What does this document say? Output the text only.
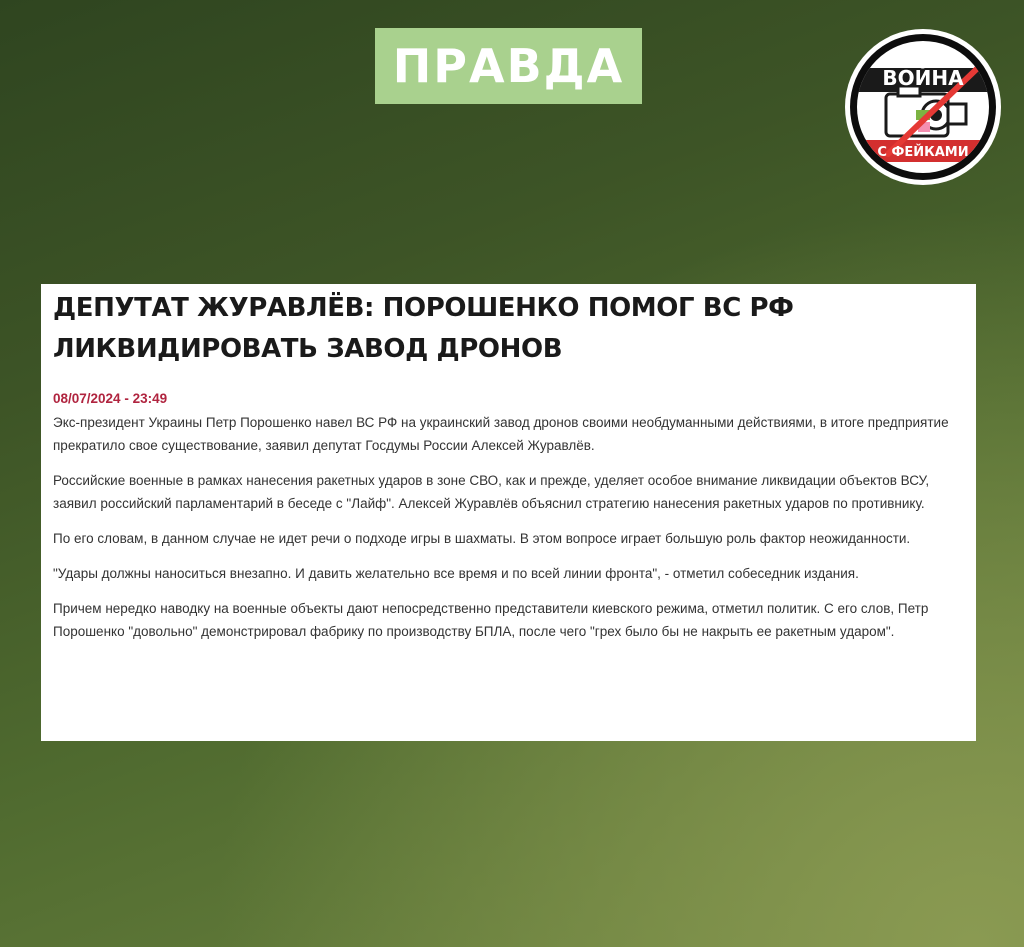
ПРАВДА	ВОЙНА
С ФЕЙКАМИ
ДЕПУТАТ ЖУРАВЛЁВ: ПОРОШЕНКО ПОМОГ ВС РФ ЛИКВИДИРОВАТЬ ЗАВОД ДРОНОВ
08/07/2024 - 23:49

Экс-президент Украины Петр Порошенко навел ВС РФ на украинский завод дронов своими необдуманными действиями, в итоге предприятие прекратило свое существование, заявил депутат Госдумы России Алексей Журавлёв.

Российские военные в рамках нанесения ракетных ударов в зоне СВО, как и прежде, уделяет особое внимание ликвидации объектов ВСУ, заявил российский парламентарий в беседе с "Лайф". Алексей Журавлёв объяснил стратегию нанесения ракетных ударов по противнику.

По его словам, в данном случае не идет речи о подходе игры в шахматы. В этом вопросе играет большую роль фактор неожиданности.

"Удары должны наноситься внезапно. И давить желательно все время и по всей линии фронта", - отметил собеседник издания.

Причем нередко наводку на военные объекты дают непосредственно представители киевского режима, отметил политик. С его слов, Петр Порошенко "довольно" демонстрировал фабрику по производству БПЛА, после чего "грех было бы не накрыть ее ракетным ударом".
